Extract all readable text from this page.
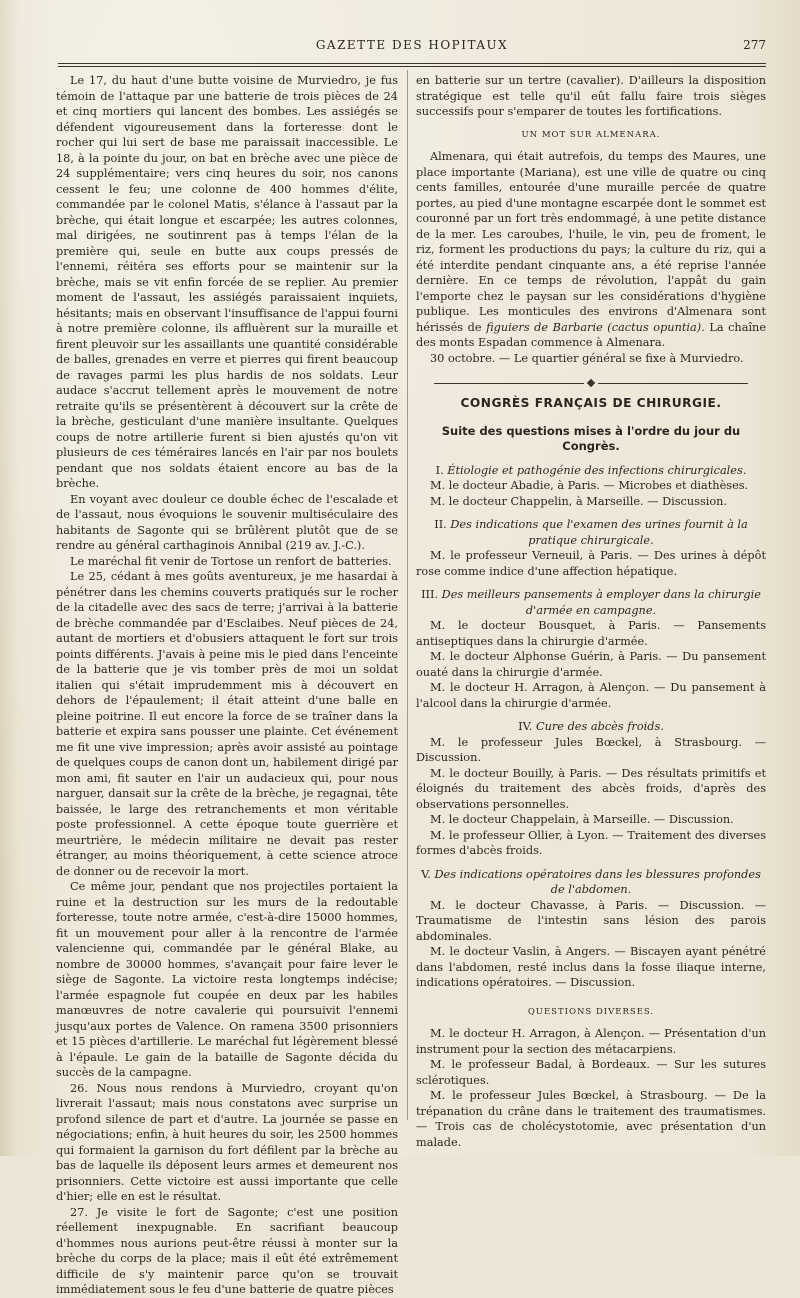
GAZETTE DES HOPITAUX	277

Le 17, du haut d'une butte voisine de Murviedro, je fus témoin de l'attaque par une batterie de trois pièces de 24 et cinq mortiers qui lancent des bombes. Les assiégés se défendent vigoureusement dans la forteresse dont le rocher qui lui sert de base me paraissait inaccessible. Le 18, à la pointe du jour, on bat en brèche avec une pièce de 24 supplémentaire; vers cinq heures du soir, nos canons cessent le feu; une colonne de 400 hommes d'élite, commandée par le colonel Matis, s'élance à l'assaut par la brèche, qui était longue et escarpée; les autres colonnes, mal dirigées, ne soutinrent pas à temps l'élan de la première qui, seule en butte aux coups pressés de l'ennemi, réitéra ses efforts pour se maintenir sur la brèche, mais se vit enfin forcée de se replier. Au premier moment de l'assaut, les assiégés paraissaient inquiets, hésitants; mais en observant l'insuffisance de l'appui fourni à notre première colonne, ils affluèrent sur la muraille et firent pleuvoir sur les assaillants une quantité considérable de balles, grenades en verre et pierres qui firent beaucoup de ravages parmi les plus hardis de nos soldats. Leur audace s'accrut tellement après le mouvement de notre retraite qu'ils se présentèrent à découvert sur la crête de la brèche, gesticulant d'une manière insultante. Quelques coups de notre artillerie furent si bien ajustés qu'on vit plusieurs de ces téméraires lancés en l'air par nos boulets pendant que nos soldats étaient encore au bas de la brèche.

En voyant avec douleur ce double échec de l'escalade et de l'assaut, nous évoquions le souvenir multiséculaire des habitants de Sagonte qui se brûlèrent plutôt que de se rendre au général carthaginois Annibal (219 av. J.-C.).

Le maréchal fit venir de Tortose un renfort de batteries.

Le 25, cédant à mes goûts aventureux, je me hasardai à pénétrer dans les chemins couverts pratiqués sur le rocher de la citadelle avec des sacs de terre; j'arrivai à la batterie de brèche commandée par d'Esclaibes. Neuf pièces de 24, autant de mortiers et d'obusiers attaquent le fort sur trois points différents. J'avais à peine mis le pied dans l'enceinte de la batterie que je vis tomber près de moi un soldat italien qui s'était imprudemment mis à découvert en dehors de l'épaulement; il était atteint d'une balle en pleine poitrine. Il eut encore la force de se traîner dans la batterie et expira sans pousser une plainte. Cet événement me fit une vive impression; après avoir assisté au pointage de quelques coups de canon dont un, habilement dirigé par mon ami, fit sauter en l'air un audacieux qui, pour nous narguer, dansait sur la crête de la brèche, je regagnai, tête baissée, le large des retranchements et mon véritable poste professionnel. A cette époque toute guerrière et meurtrière, le médecin militaire ne devait pas rester étranger, au moins théoriquement, à cette science atroce de donner ou de recevoir la mort.

Ce même jour, pendant que nos projectiles portaient la ruine et la destruction sur les murs de la redoutable forteresse, toute notre armée, c'est-à-dire 15000 hommes, fit un mouvement pour aller à la rencontre de l'armée valencienne qui, commandée par le général Blake, au nombre de 30000 hommes, s'avançait pour faire lever le siège de Sagonte. La victoire resta longtemps indécise; l'armée espagnole fut coupée en deux par les habiles manœuvres de notre cavalerie qui poursuivit l'ennemi jusqu'aux portes de Valence. On ramena 3500 prisonniers et 15 pièces d'artillerie. Le maréchal fut légèrement blessé à l'épaule. Le gain de la bataille de Sagonte décida du succès de la campagne.

26. Nous nous rendons à Murviedro, croyant qu'on livrerait l'assaut; mais nous constatons avec surprise un profond silence de part et d'autre. La journée se passe en négociations; enfin, à huit heures du soir, les 2500 hommes qui formaient la garnison du fort défilent par la brèche au bas de laquelle ils déposent leurs armes et demeurent nos prisonniers. Cette victoire est aussi importante que celle d'hier; elle en est le résultat.

27. Je visite le fort de Sagonte; c'est une position réellement inexpugnable. En sacrifiant beaucoup d'hommes nous aurions peut-être réussi à monter sur la brèche du corps de la place; mais il eût été extrêmement difficile de s'y maintenir parce qu'on se trouvait immédiatement sous le feu d'une batterie de quatre pièces

en batterie sur un tertre (cavalier). D'ailleurs la disposition stratégique est telle qu'il eût fallu faire trois sièges successifs pour s'emparer de toutes les fortifications.

UN MOT SUR ALMENARA.

Almenara, qui était autrefois, du temps des Maures, une place importante (Mariana), est une ville de quatre ou cinq cents familles, entourée d'une muraille percée de quatre portes, au pied d'une montagne escarpée dont le sommet est couronné par un fort très endommagé, à une petite distance de la mer. Les caroubes, l'huile, le vin, peu de froment, le riz, forment les productions du pays; la culture du riz, qui a été interdite pendant cinquante ans, a été reprise l'année dernière. En ce temps de révolution, l'appât du gain l'emporte chez le paysan sur les considérations d'hygiène publique. Les monticules des environs d'Almenara sont hérissés de figuiers de Barbarie (cactus opuntia). La chaîne des monts Espadan commence à Almenara.

30 octobre. — Le quartier général se fixe à Murviedro.

CONGRÈS FRANÇAIS DE CHIRURGIE.
Suite des questions mises à l'ordre du jour du Congrès.

I. Étiologie et pathogénie des infections chirurgicales.

M. le docteur Abadie, à Paris. — Microbes et diathèses.

M. le docteur Chappelin, à Marseille. — Discussion.

II. Des indications que l'examen des urines fournit à la pratique chirurgicale.

M. le professeur Verneuil, à Paris. — Des urines à dépôt rose comme indice d'une affection hépatique.

III. Des meilleurs pansements à employer dans la chirurgie d'armée en campagne.

M. le docteur Bousquet, à Paris. — Pansements antiseptiques dans la chirurgie d'armée.

M. le docteur Alphonse Guérin, à Paris. — Du pansement ouaté dans la chirurgie d'armée.

M. le docteur H. Arragon, à Alençon. — Du pansement à l'alcool dans la chirurgie d'armée.

IV. Cure des abcès froids.

M. le professeur Jules Bœckel, à Strasbourg. — Discussion.

M. le docteur Bouilly, à Paris. — Des résultats primitifs et éloignés du traitement des abcès froids, d'après des observations personnelles.

M. le docteur Chappelain, à Marseille. — Discussion.

M. le professeur Ollier, à Lyon. — Traitement des diverses formes d'abcès froids.

V. Des indications opératoires dans les blessures profondes de l'abdomen.

M. le docteur Chavasse, à Paris. — Discussion. — Traumatisme de l'intestin sans lésion des parois abdominales.

M. le docteur Vaslin, à Angers. — Biscayen ayant pénétré dans l'abdomen, resté inclus dans la fosse iliaque interne, indications opératoires. — Discussion.

QUESTIONS DIVERSES.

M. le docteur H. Arragon, à Alençon. — Présentation d'un instrument pour la section des métacarpiens.

M. le professeur Badal, à Bordeaux. — Sur les sutures sclérotiques.

M. le professeur Jules Bœckel, à Strasbourg. — De la trépanation du crâne dans le traitement des traumatismes. — Trois cas de cholécystotomie, avec présentation d'un malade.
